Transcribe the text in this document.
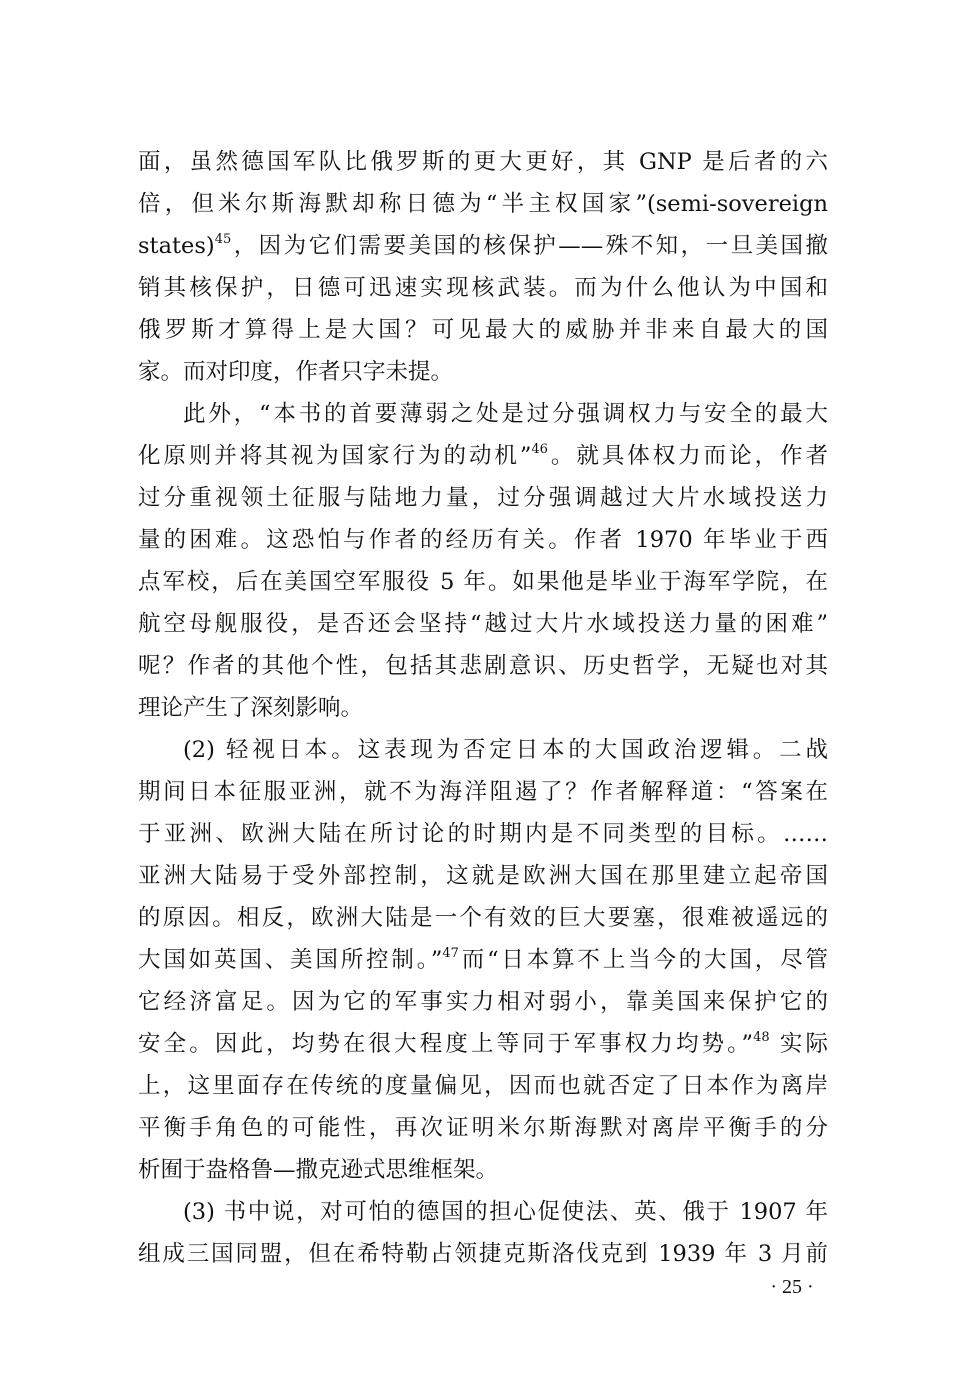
面，虽然德国军队比俄罗斯的更大更好，其 GNP 是后者的六
倍，但米尔斯海默却称日德为“半主权国家”(semi-sovereign
states)$^{45}$，因为它们需要美国的核保护——殊不知，一旦美国撤
销其核保护，日德可迅速实现核武装。而为什么他认为中国和
俄罗斯才算得上是大国？可见最大的威胁并非来自最大的国
家。而对印度，作者只字未提。
此外，“本书的首要薄弱之处是过分强调权力与安全的最大
化原则并将其视为国家行为的动机”$^{46}$。就具体权力而论，作者
过分重视领土征服与陆地力量，过分强调越过大片水域投送力
量的困难。这恐怕与作者的经历有关。作者 1970 年毕业于西
点军校，后在美国空军服役 5 年。如果他是毕业于海军学院，在
航空母舰服役，是否还会坚持“越过大片水域投送力量的困难”
呢？作者的其他个性，包括其悲剧意识、历史哲学，无疑也对其
理论产生了深刻影响。
(2) 轻视日本。这表现为否定日本的大国政治逻辑。二战
期间日本征服亚洲，就不为海洋阻遏了？作者解释道：“答案在
于亚洲、欧洲大陆在所讨论的时期内是不同类型的目标。……
亚洲大陆易于受外部控制，这就是欧洲大国在那里建立起帝国
的原因。相反，欧洲大陆是一个有效的巨大要塞，很难被遥远的
大国如英国、美国所控制。”$^{47}$而“日本算不上当今的大国，尽管
它经济富足。因为它的军事实力相对弱小，靠美国来保护它的
安全。因此，均势在很大程度上等同于军事权力均势。”$^{48}$ 实际
上，这里面存在传统的度量偏见，因而也就否定了日本作为离岸
平衡手角色的可能性，再次证明米尔斯海默对离岸平衡手的分
析囿于盎格鲁—撒克逊式思维框架。
(3) 书中说，对可怕的德国的担心促使法、英、俄于 1907 年
组成三国同盟，但在希特勒占领捷克斯洛伐克到 1939 年 3 月前
· 25 ·
